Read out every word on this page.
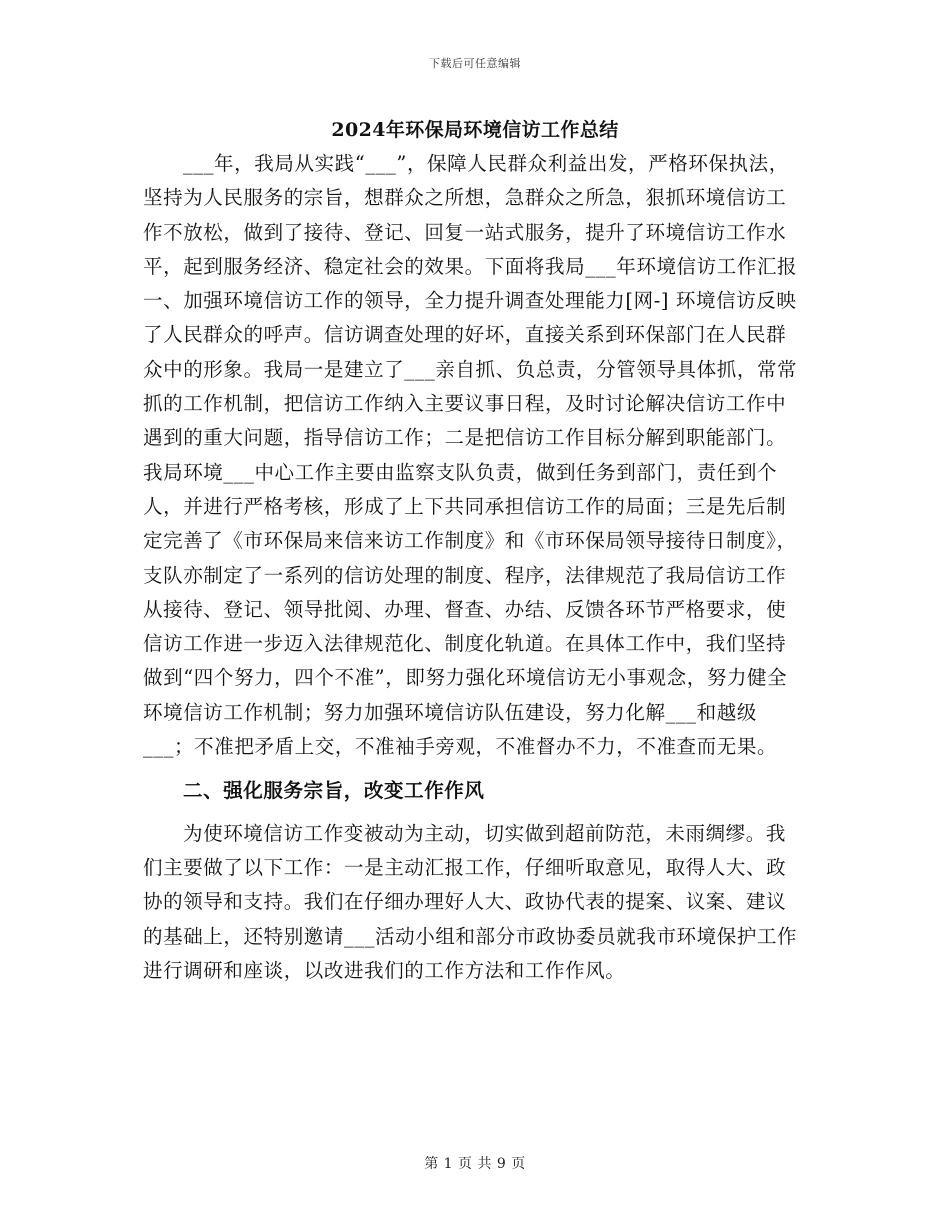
下载后可任意编辑
2024年环保局环境信访工作总结

___年，我局从实践“___”，保障人民群众利益出发，严格环保执法，坚持为人民服务的宗旨，想群众之所想，急群众之所急，狠抓环境信访工作不放松，做到了接待、登记、回复一站式服务，提升了环境信访工作水平，起到服务经济、稳定社会的效果。下面将我局___年环境信访工作汇报 一、加强环境信访工作的领导，全力提升调查处理能力[网-] 环境信访反映了人民群众的呼声。信访调查处理的好坏，直接关系到环保部门在人民群众中的形象。我局一是建立了___亲自抓、负总责，分管领导具体抓，常常抓的工作机制，把信访工作纳入主要议事日程，及时讨论解决信访工作中遇到的重大问题，指导信访工作；二是把信访工作目标分解到职能部门。我局环境___中心工作主要由监察支队负责，做到任务到部门，责任到个人，并进行严格考核，形成了上下共同承担信访工作的局面；三是先后制定完善了《市环保局来信来访工作制度》和《市环保局领导接待日制度》，支队亦制定了一系列的信访处理的制度、程序，法律规范了我局信访工作从接待、登记、领导批阅、办理、督查、办结、反馈各环节严格要求，使信访工作进一步迈入法律规范化、制度化轨道。在具体工作中，我们坚持做到“四个努力，四个不准”，即努力强化环境信访无小事观念，努力健全环境信访工作机制；努力加强环境信访队伍建设，努力化解___和越级___；不准把矛盾上交，不准袖手旁观，不准督办不力，不准查而无果。

二、强化服务宗旨，改变工作作风

为使环境信访工作变被动为主动，切实做到超前防范，未雨绸缪。我们主要做了以下工作：一是主动汇报工作，仔细听取意见，取得人大、政协的领导和支持。我们在仔细办理好人大、政协代表的提案、议案、建议的基础上，还特别邀请___活动小组和部分市政协委员就我市环境保护工作进行调研和座谈，以改进我们的工作方法和工作作风。

第 1 页 共 9 页
